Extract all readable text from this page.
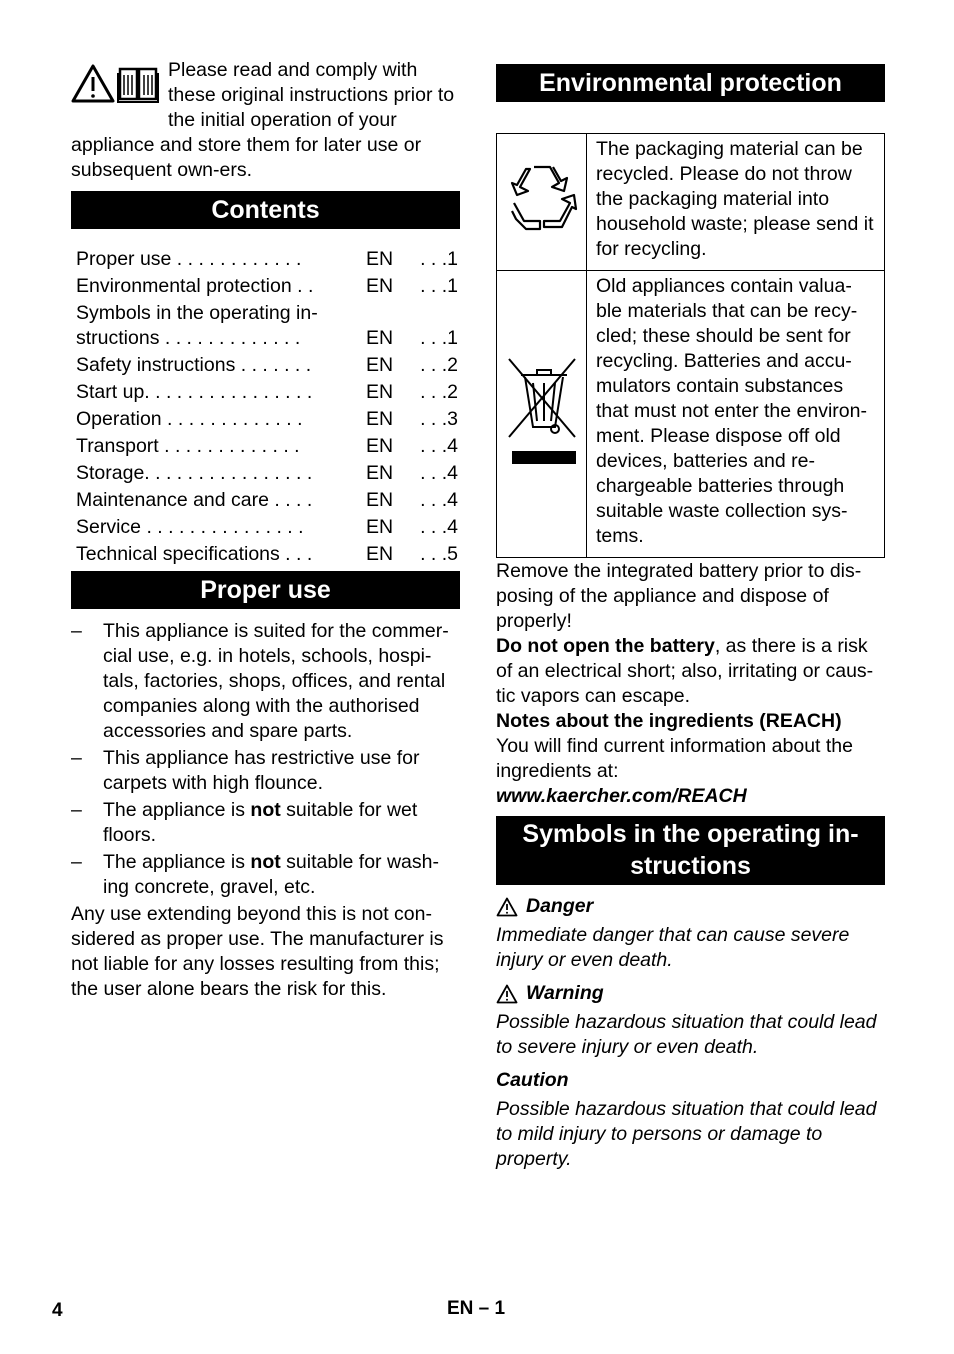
Please read and comply with these original instructions prior to the initial operation of your appliance and store them for later use or subsequent own-ers.
Contents
Proper use . . . . . . . . . . . .	EN	. . .1
Environmental protection . .	EN	. . .1
Symbols in the operating in-structions . . . . . . . . . . . . .	EN	. . .1
Safety instructions . . . . . . .	EN	. . .2
Start up. . . . . . . . . . . . . . . .	EN	. . .2
Operation . . . . . . . . . . . . .	EN	. . .3
Transport . . . . . . . . . . . . .	EN	. . .4
Storage. . . . . . . . . . . . . . . .	EN	. . .4
Maintenance and care . . . .	EN	. . .4
Service . . . . . . . . . . . . . . .	EN	. . .4
Technical specifications . . .	EN	. . .5
Proper use
– This appliance is suited for the commer-cial use, e.g. in hotels, schools, hospi-tals, factories, shops, offices, and rental companies along with the authorised accessories and spare parts.
– This appliance has restrictive use for carpets with high flounce.
– The appliance is not suitable for wet floors.
– The appliance is not suitable for wash-ing concrete, gravel, etc.

Any use extending beyond this is not con-sidered as proper use. The manufacturer is not liable for any losses resulting from this; the user alone bears the risk for this.

Environmental protection
	The packaging material can be recycled. Please do not throw the packaging material into household waste; please send it for recycling.
	Old appliances contain valua-ble materials that can be recy-cled; these should be sent for recycling. Batteries and accu-mulators contain substances that must not enter the environ-ment. Please dispose off old devices, batteries and re-chargeable batteries through suitable waste collection sys-tems.

Remove the integrated battery prior to dis-posing of the appliance and dispose of properly!

Do not open the battery, as there is a risk of an electrical short; also, irritating or caus-tic vapors can escape.

Notes about the ingredients (REACH)

You will find current information about the ingredients at:

www.kaercher.com/REACH

Symbols in the operating in-structions
Danger

Immediate danger that can cause severe injury or even death.

Warning

Possible hazardous situation that could lead to severe injury or even death.

Caution

Possible hazardous situation that could lead to mild injury to persons or damage to property.

4	EN – 1
